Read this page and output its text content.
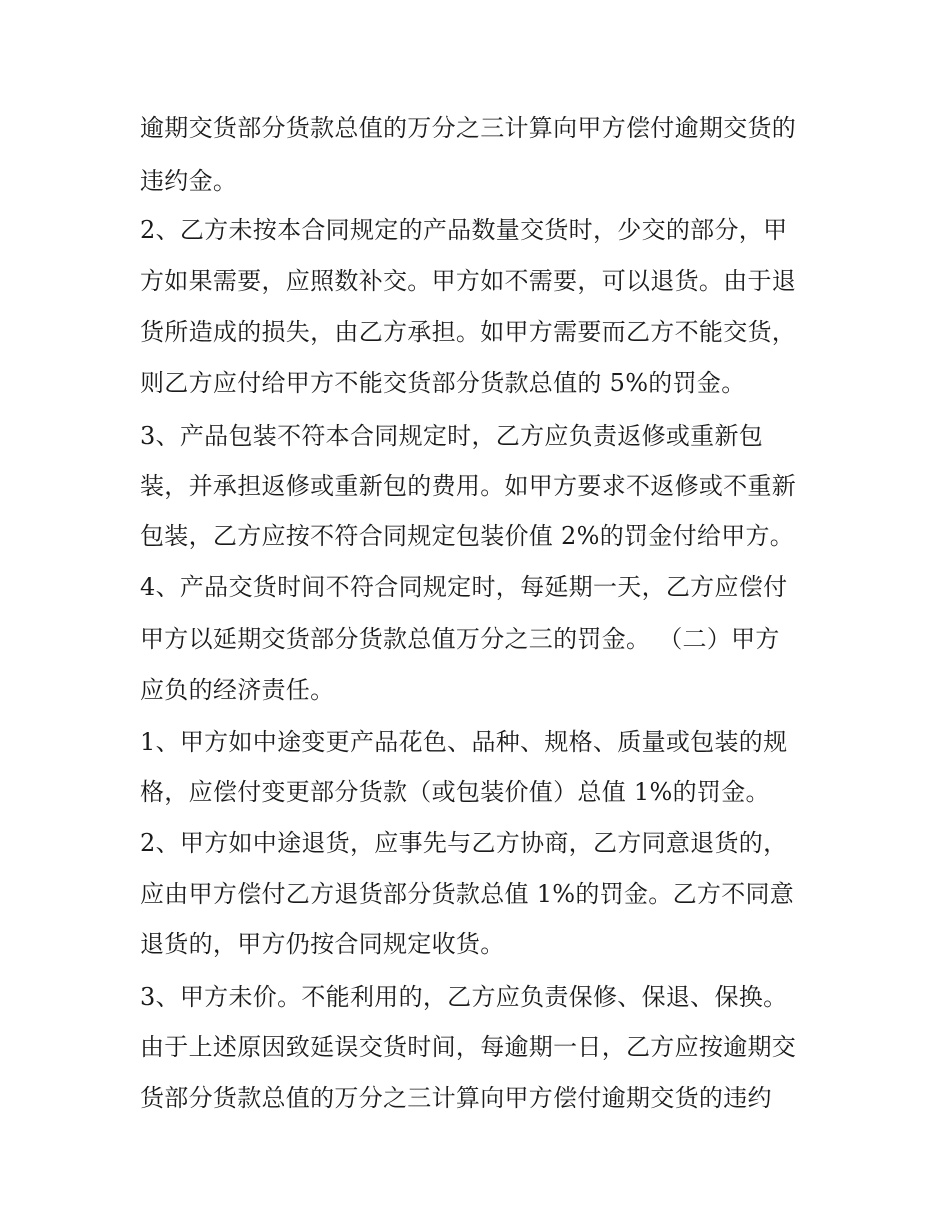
逾期交货部分货款总值的万分之三计算向甲方偿付逾期交货的
违约金。
2、乙方未按本合同规定的产品数量交货时，少交的部分，甲
方如果需要，应照数补交。甲方如不需要，可以退货。由于退
货所造成的损失，由乙方承担。如甲方需要而乙方不能交货，
则乙方应付给甲方不能交货部分货款总值的 5%的罚金。
3、产品包装不符本合同规定时，乙方应负责返修或重新包
装，并承担返修或重新包的费用。如甲方要求不返修或不重新
包装，乙方应按不符合同规定包装价值 2%的罚金付给甲方。
4、产品交货时间不符合同规定时，每延期一天，乙方应偿付
甲方以延期交货部分货款总值万分之三的罚金。 （二）甲方
应负的经济责任。
1、甲方如中途变更产品花色、品种、规格、质量或包装的规
格，应偿付变更部分货款（或包装价值）总值 1%的罚金。
2、甲方如中途退货，应事先与乙方协商，乙方同意退货的，
应由甲方偿付乙方退货部分货款总值 1%的罚金。乙方不同意
退货的，甲方仍按合同规定收货。
3、甲方未价。不能利用的，乙方应负责保修、保退、保换。
由于上述原因致延误交货时间，每逾期一日，乙方应按逾期交
货部分货款总值的万分之三计算向甲方偿付逾期交货的违约
